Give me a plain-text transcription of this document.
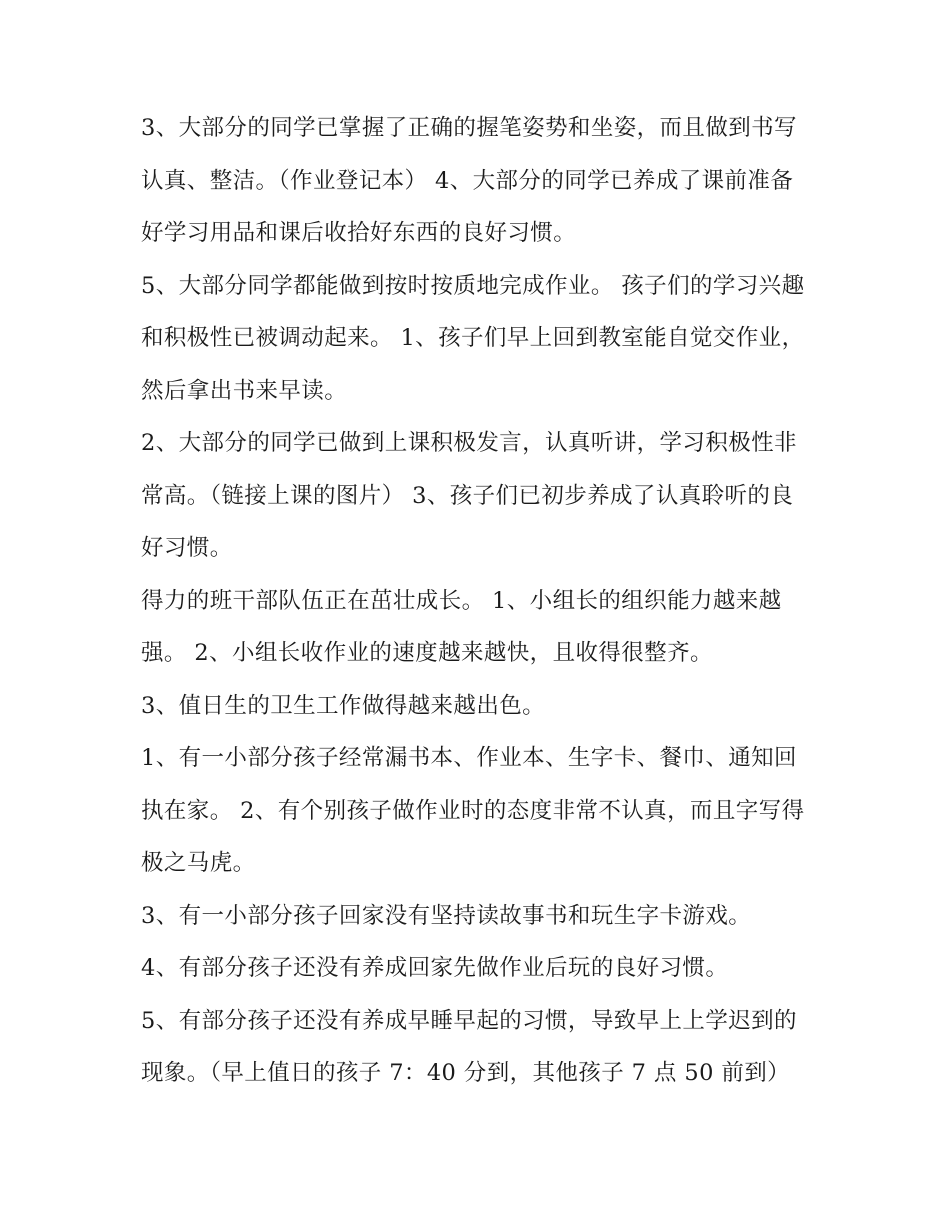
3、大部分的同学已掌握了正确的握笔姿势和坐姿，而且做到书写认真、整洁。（作业登记本） 4、大部分的同学已养成了课前准备好学习用品和课后收拾好东西的良好习惯。

5、大部分同学都能做到按时按质地完成作业。 孩子们的学习兴趣和积极性已被调动起来。 1、孩子们早上回到教室能自觉交作业，然后拿出书来早读。

2、大部分的同学已做到上课积极发言，认真听讲，学习积极性非常高。（链接上课的图片） 3、孩子们已初步养成了认真聆听的良好习惯。

得力的班干部队伍正在茁壮成长。 1、小组长的组织能力越来越强。 2、小组长收作业的速度越来越快，且收得很整齐。

3、值日生的卫生工作做得越来越出色。

1、有一小部分孩子经常漏书本、作业本、生字卡、餐巾、通知回执在家。 2、有个别孩子做作业时的态度非常不认真，而且字写得极之马虎。

3、有一小部分孩子回家没有坚持读故事书和玩生字卡游戏。

4、有部分孩子还没有养成回家先做作业后玩的良好习惯。

5、有部分孩子还没有养成早睡早起的习惯，导致早上上学迟到的现象。（早上值日的孩子 7：40 分到，其他孩子 7 点 50 前到）
